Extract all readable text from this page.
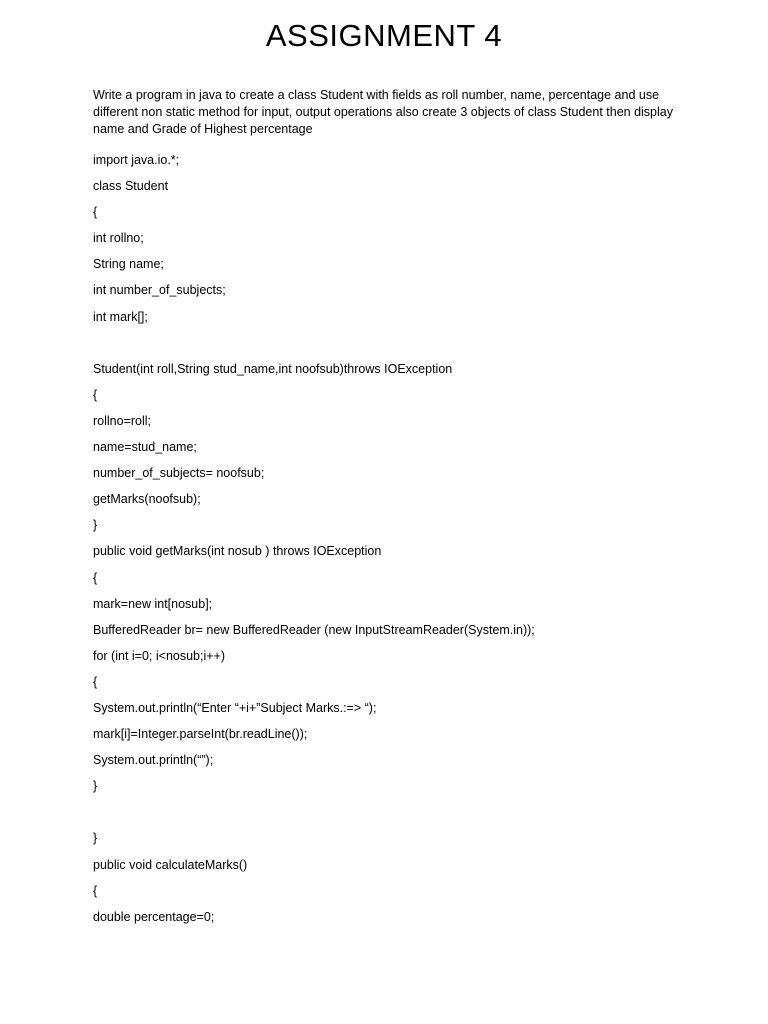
ASSIGNMENT 4

Write a program in java to create a class Student with fields as roll number, name, percentage and use different non static method for input, output operations also create 3 objects of class Student then display name and Grade of Highest percentage

import java.io.*;
class Student
{
int rollno;
String name;
int number_of_subjects;
int mark[];
Student(int roll,String stud_name,int noofsub)throws IOException
{
rollno=roll;
name=stud_name;
number_of_subjects= noofsub;
getMarks(noofsub);
}
public void getMarks(int nosub ) throws IOException
{
mark=new int[nosub];
BufferedReader br= new BufferedReader (new InputStreamReader(System.in));
for (int i=0; i<nosub;i++)
{
System.out.println(“Enter “+i+”Subject Marks.:=> “);
mark[i]=Integer.parseInt(br.readLine());
System.out.println(“”);
}
}
public void calculateMarks()
{
double percentage=0;
